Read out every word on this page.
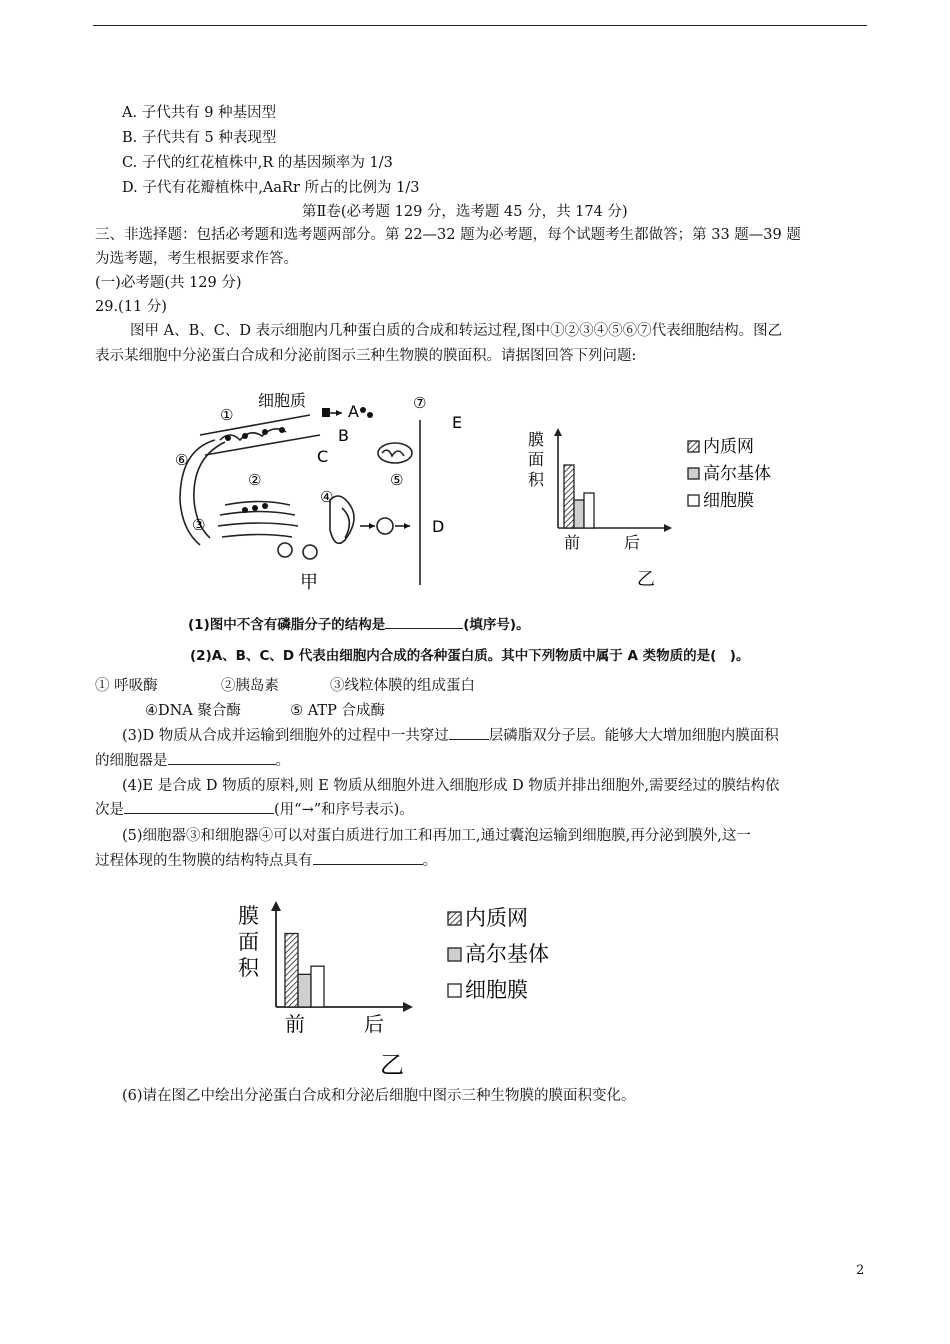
A. 子代共有 9 种基因型
B. 子代共有 5 种表现型
C. 子代的红花植株中,R 的基因频率为 1/3
D. 子代有花瓣植株中,AaRr 所占的比例为 1/3
第Ⅱ卷(必考题 129 分，选考题 45 分，共 174 分)
三、非选择题：包括必考题和选考题两部分。第 22—32 题为必考题，每个试题考生都做答；第 33 题—39 题
为选考题，考生根据要求作答。
(一)必考题(共 129 分)
29.(11 分)
图甲 A、B、C、D 表示细胞内几种蛋白质的合成和转运过程,图中①②③④⑤⑥⑦代表细胞结构。图乙
表示某细胞中分泌蛋白合成和分泌前图示三种生物膜的膜面积。请据图回答下列问题:
细胞质
①
②
③
④
⑤
⑥
⑦
A
B
C
D
E
甲
膜
面
积
前	后
内质网
高尔基体
细胞膜
乙
(1)图中不含有磷脂分子的结构是	(填序号)。
(2)A、B、C、D 代表由细胞内合成的各种蛋白质。其中下列物质中属于 A 类物质的是(　)。
① 呼吸酶	②胰岛素	③线粒体膜的组成蛋白
④DNA 聚合酶	⑤ ATP 合成酶
(3)D 物质从合成并运输到细胞外的过程中一共穿过	层磷脂双分子层。能够大大增加细胞内膜面积
的细胞器是	。
(4)E 是合成 D 物质的原料,则 E 物质从细胞外进入细胞形成 D 物质并排出细胞外,需要经过的膜结构依
次是	(用“→”和序号表示)。
(5)细胞器③和细胞器④可以对蛋白质进行加工和再加工,通过囊泡运输到细胞膜,再分泌到膜外,这一
过程体现的生物膜的结构特点具有	。
膜
面
积
前	后
内质网
高尔基体
细胞膜
乙
(6)请在图乙中绘出分泌蛋白合成和分泌后细胞中图示三种生物膜的膜面积变化。
2
